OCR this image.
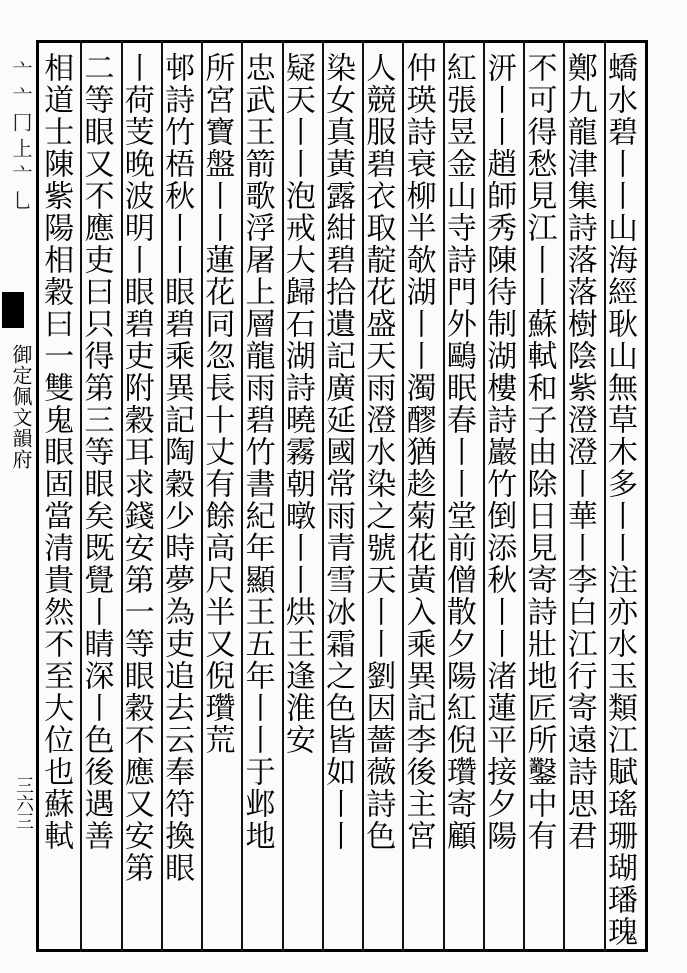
亠亠冂上亠乚
御定佩文韻府
三六三	蟜水碧丨丨山海經耿山無草木多丨丨注亦水玉類江賦瑤珊瑚璠瑰
鄭九龍津集詩落落樹陰紫澄澄丨華丨李白江行寄遠詩思君
不可得愁見江丨丨蘇軾和子由除日見寄詩壯地匠所鑿中有
汧丨丨趙師秀陳待制湖樓詩巖竹倒添秋丨丨渚蓮平接夕陽
紅張昱金山寺詩門外鷗眠春丨丨堂前僧散夕陽紅倪瓚寄顧
仲瑛詩衰柳半欹湖丨丨濁醪猶趁菊花黃入乘異記李後主宮
人競服碧衣取靛花盛天雨澄水染之號天丨丨劉因薔薇詩色
染女真黃露紺碧拾遺記廣延國常雨青雪冰霜之色皆如丨丨
疑天丨丨泡戒大歸石湖詩曉霧朝暾丨丨烘王逢淮安
忠武王箭歌浮屠上層龍雨碧竹書紀年顯王五年丨丨于邺地
所宮寶盤丨丨蓮花同忽長十丈有餘高尺半又倪瓚荒
邨詩竹梧秋丨丨眼碧乘異記陶穀少時夢為吏追去云奉符換眼
丨荷芰晚波明丨眼碧吏附穀耳求錢安第一等眼穀不應又安第
二等眼又不應吏曰只得第三等眼矣既覺丨睛深丨色後遇善
相道士陳紫陽相穀曰一雙鬼眼固當清貴然不至大位也蘇軾
